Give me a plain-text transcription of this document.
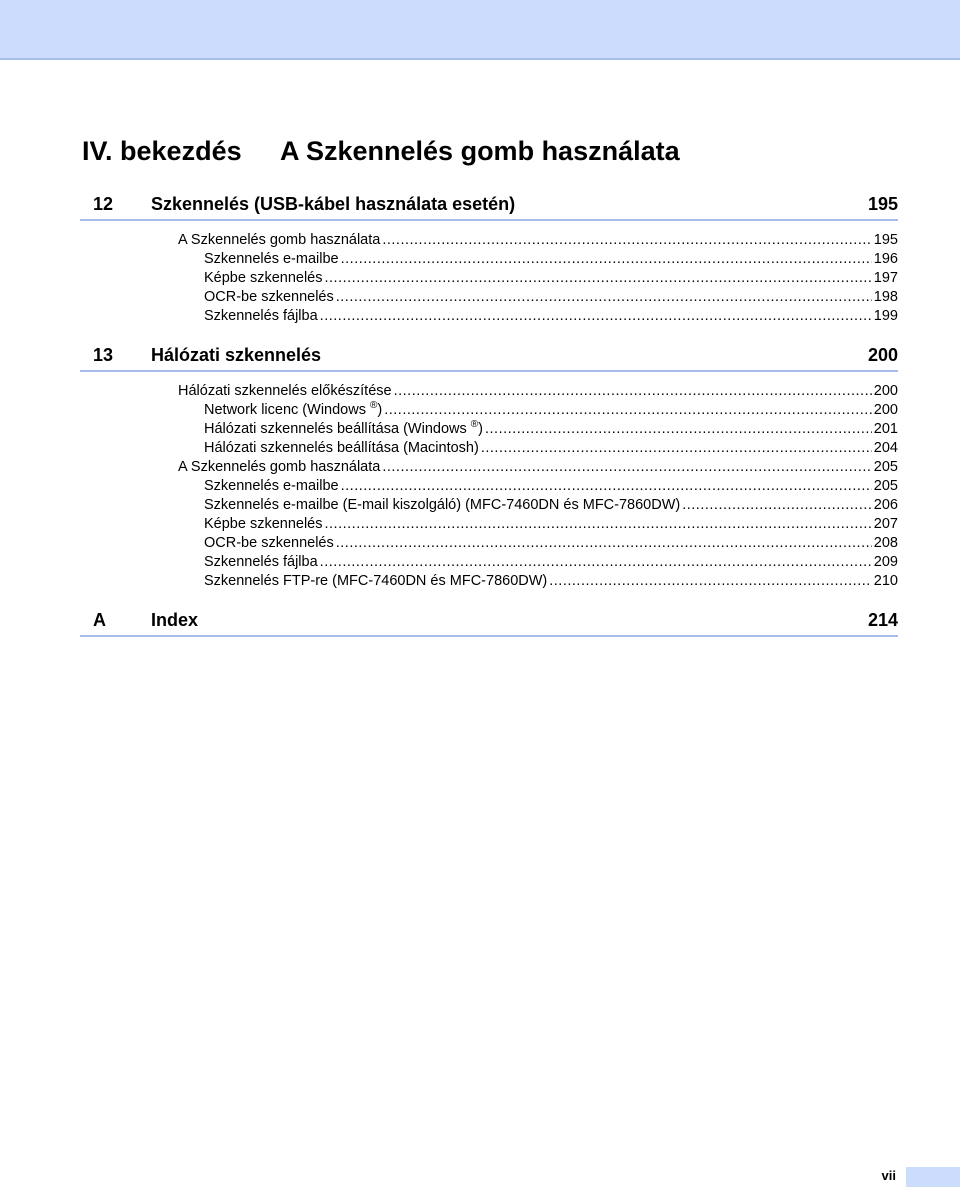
IV. bekezdés A Szkennelés gomb használata
12 Szkennelés (USB-kábel használata esetén)	195
A Szkennelés gomb használata .....	195
Szkennelés e-mailbe .....	196
Képbe szkennelés .....	197
OCR-be szkennelés .....	198
Szkennelés fájlba .....	199
13 Hálózati szkennelés	200
Hálózati szkennelés előkészítése .....	200
Network licenc (Windows ®) .....	200
Hálózati szkennelés beállítása (Windows ®) .....	201
Hálózati szkennelés beállítása (Macintosh) .....	204
A Szkennelés gomb használata .....	205
Szkennelés e-mailbe .....	205
Szkennelés e-mailbe (E-mail kiszolgáló) (MFC-7460DN és MFC-7860DW) .....	206
Képbe szkennelés .....	207
OCR-be szkennelés .....	208
Szkennelés fájlba .....	209
Szkennelés FTP-re (MFC-7460DN és MFC-7860DW) .....	210
A	Index	214
vii
